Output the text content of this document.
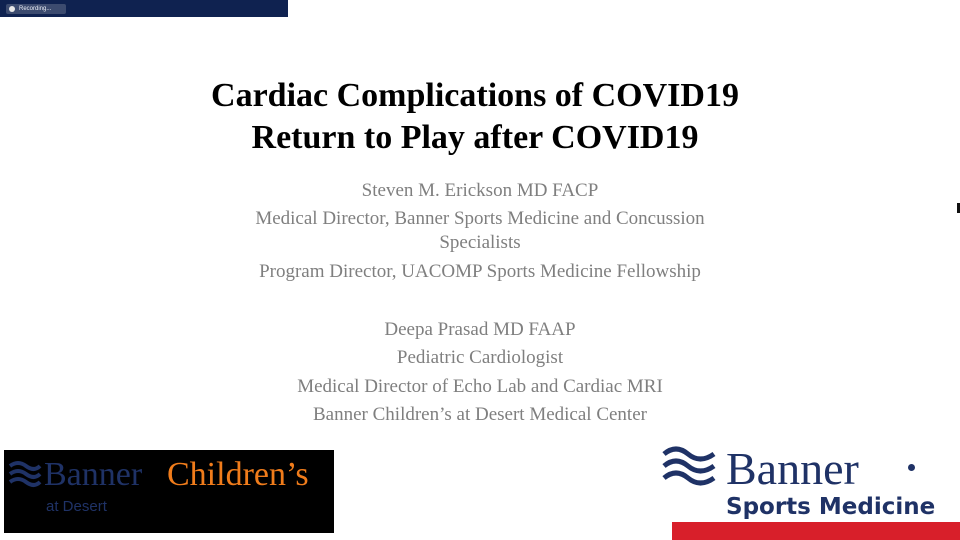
Recording...
Cardiac Complications of COVID19
Return to Play after COVID19
Steven M. Erickson MD FACP
Medical Director, Banner Sports Medicine and Concussion
Specialists
Program Director, UACOMP Sports Medicine Fellowship
Deepa Prasad MD FAAP
Pediatric Cardiologist
Medical Director of Echo Lab and Cardiac MRI
Banner Children’s at Desert Medical Center
Banner Children’s
at Desert
Banner
Sports Medicine
